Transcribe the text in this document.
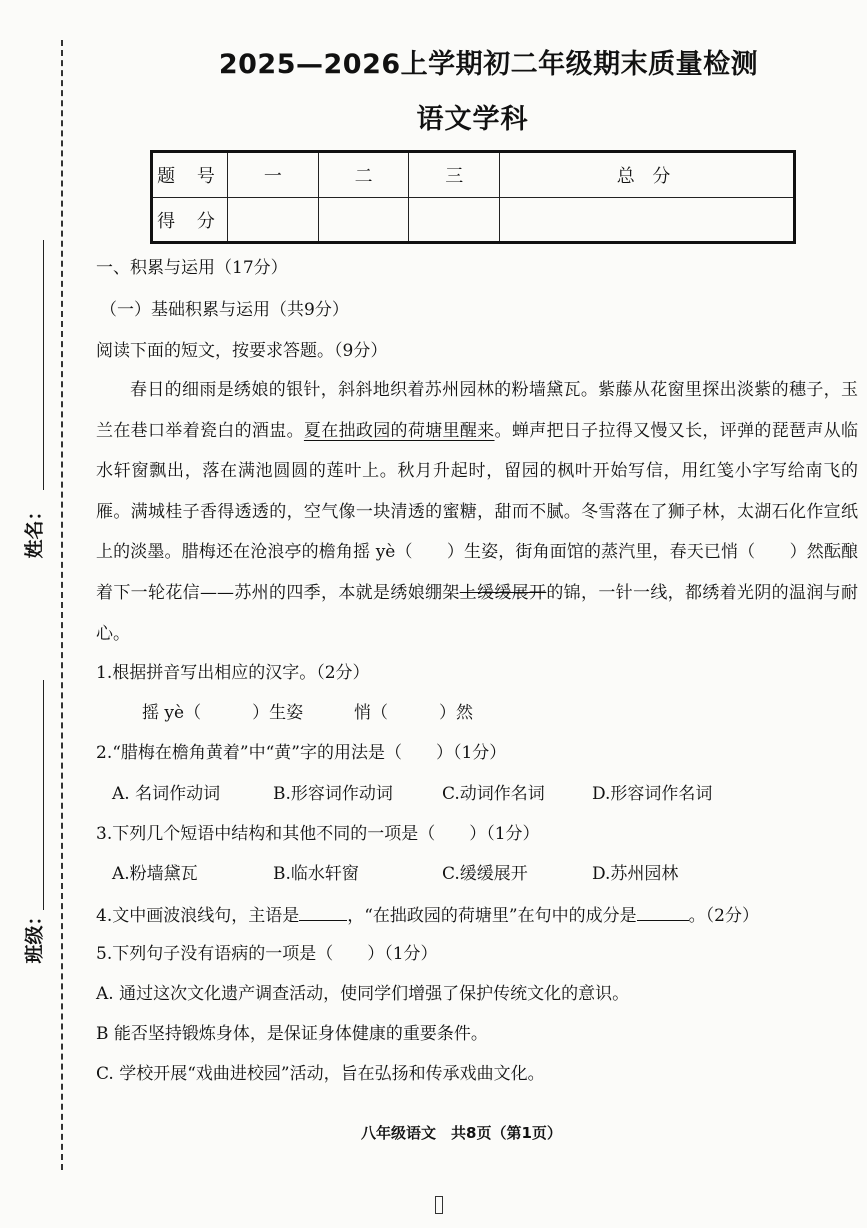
姓名：
班级：
2025—2026上学期初二年级期末质量检测
语文学科
题 号	一	二	三	总 分
得 分				
一、积累与运用（17分）
（一）基础积累与运用（共9分）
阅读下面的短文，按要求答题。（9分）
春日的细雨是绣娘的银针，斜斜地织着苏州园林的粉墙黛瓦。紫藤从花窗里探出淡紫的穗子，玉兰在巷口举着瓷白的酒盅。夏在拙政园的荷塘里醒来。蝉声把日子拉得又慢又长，评弹的琵琶声从临水轩窗飘出，落在满池圆圆的莲叶上。秋月升起时，留园的枫叶开始写信，用红笺小字写给南飞的雁。满城桂子香得透透的，空气像一块清透的蜜糖，甜而不腻。冬雪落在了狮子林，太湖石化作宣纸上的淡墨。腊梅还在沧浪亭的檐角摇 yè（　　）生姿，街角面馆的蒸汽里，春天已悄（　　）然酝酿着下一轮花信——苏州的四季，本就是绣娘绷架上缓缓展开的锦，一针一线，都绣着光阴的温润与耐心。
1.根据拼音写出相应的汉字。（2分）
摇 yè（　　　）生姿	悄（　　　）然
2.“腊梅在檐角黄着”中“黄”字的用法是（　　）（1分）
A. 名词作动词	B.形容词作动词	C.动词作名词	D.形容词作名词
3.下列几个短语中结构和其他不同的一项是（　　）（1分）
A.粉墙黛瓦	B.临水轩窗	C.缓缓展开	D.苏州园林
4.文中画波浪线句，主语是	，“在拙政园的荷塘里”在句中的成分是	。（2分）
5.下列句子没有语病的一项是（　　）（1分）
A. 通过这次文化遗产调查活动，使同学们增强了保护传统文化的意识。
B 能否坚持锻炼身体，是保证身体健康的重要条件。
C. 学校开展“戏曲进校园”活动，旨在弘扬和传承戏曲文化。
八年级语文　共8页（第1页）
